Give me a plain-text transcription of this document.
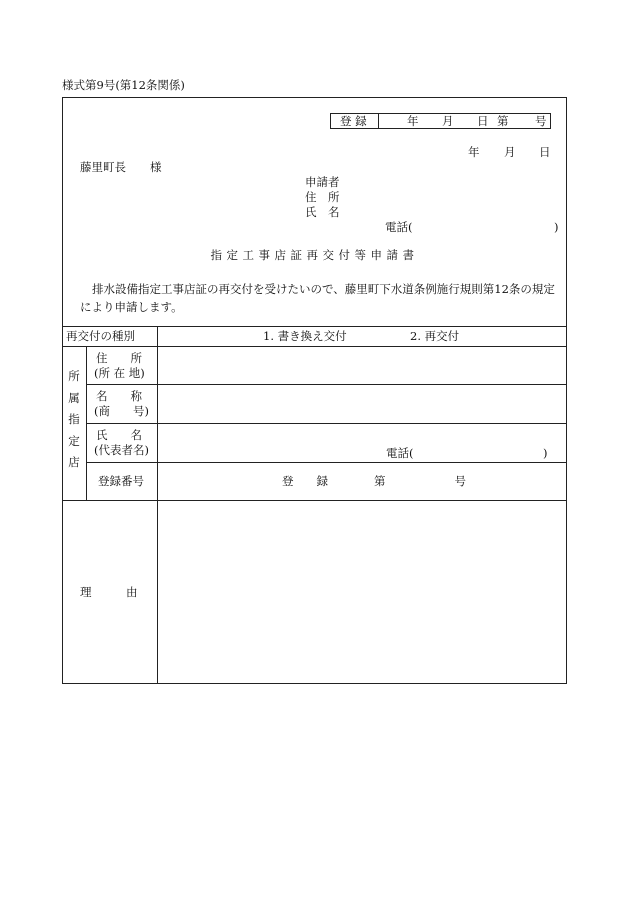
様式第9号(第12条関係)
登 録	年 月 日 第 号
年 月 日
藤里町長 様
申請者
住　所
氏　名
電話(	)
指定工事店証再交付等申請書
排水設備指定工事店証の再交付を受けたいので、藤里町下水道条例施行規則第12条の規定により申請します。
再交付の種別	1. 書き換え交付	2. 再交付
所属指定店
住　　所
(所 在 地)
名　　称
(商　　号)
氏　　名
(代表者名)	電話(	)
登録番号	登　　録　　　　第　　　　　　号
理　　　由
